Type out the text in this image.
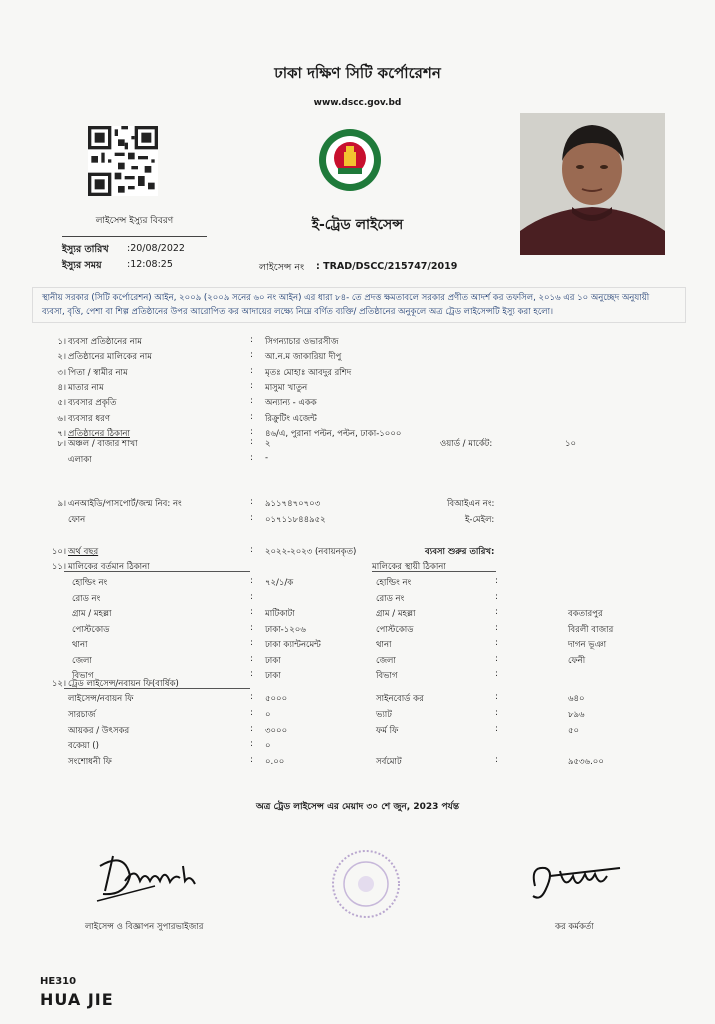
ঢাকা দক্ষিণ সিটি কর্পোরেশন
www.dscc.gov.bd
লাইসেন্স ইস্যুর বিবরণ
ইস্যুর তারিখ :20/08/2022
ইস্যুর সময়	:12:08:25
ই-ট্রেড লাইসেন্স
লাইসেন্স নং : TRAD/DSCC/215747/2019
স্থানীয় সরকার (সিটি কর্পোরেশন) আইন, ২০০৯ (২০০৯ সনের ৬০ নং আইন) এর ধারা ৮৪- তে প্রদত্ত ক্ষমতাবলে সরকার প্রণীত আদর্শ কর তফসিল, ২০১৬ এর ১০ অনুচ্ছেদ অনুযায়ী ব্যবসা, বৃত্তি, পেশা বা শিল্প প্রতিষ্ঠানের উপর আরোপিত কর আদায়ের লক্ষ্যে নিম্নে বর্ণিত ব্যক্তি/ প্রতিষ্ঠানের অনুকূলে অত্র ট্রেড লাইসেন্সটি ইস্যু করা হলো।
১। ব্যবসা প্রতিষ্ঠানের নাম	: সিগন্যাচার ওভারসীজ
২। প্রতিষ্ঠানের মালিকের নাম	: আ.ন.ম জাকারিয়া দীপু
৩। পিতা / স্বামীর নাম	: মৃতঃ মোহাঃ আবদুর রশিদ
৪। মাতার নাম	: মাসুমা খাতুন
৫। ব্যবসার প্রকৃতি	: অন্যান্য - একক
৬। ব্যবসার ধরণ	: রিক্রুটিং এজেন্ট
৭। প্রতিষ্ঠানের ঠিকানা	: ৪৬/এ, পুরানা পল্টন, পল্টন, ঢাকা-১০০০
৮। অঞ্চল / বাজার শাখা	: ২	ওয়ার্ড / মার্কেট:	১০
এলাকা	: -
৯। এনআইডি/পাসপোর্ট/জন্ম নিব: নং	: ৯১১৭৪৭০৭০৩	বিআইএন নং:
ফোন	: ০১৭১১৮৪৪৯৫২	ই-মেইল:
১০। অর্থ বছর	: ২০২২-২০২৩ (নবায়নকৃত)	ব্যবসা শুরুর তারিখ:
১১। মালিকের বর্তমান ঠিকানা	মালিকের স্থায়ী ঠিকানা
হোল্ডিং নং	: ৭২/১/ক	হোল্ডিং নং	:
রোড নং	:	রোড নং	:
গ্রাম / মহল্লা	: মাটিকাটা	গ্রাম / মহল্লা	:	বকতারপুর
পোস্টকোড	: ঢাকা-১২০৬	পোস্টকোড	:	বিরলী বাজার
থানা	: ঢাকা ক্যান্টনমেন্ট	থানা	:	দাগন ভূঞা
জেলা	: ঢাকা	জেলা	:	ফেনী
বিভাগ	: ঢাকা	বিভাগ	:
১২। ট্রেড লাইসেন্স/নবায়ন ফি(বার্ষিক)
লাইসেন্স/নবায়ন ফি	: ৫০০০	সাইনবোর্ড কর	:	৬৪০
সারচার্জ	: ০	ভ্যাট	:	৮৯৬
আয়কর / উৎসকর	: ৩০০০	ফর্ম ফি	:	৫০
বকেয়া ()	: ০
সংশোধনী ফি	: ০.০০	সর্বমোট	:	৯৫৩৬.০০
অত্র ট্রেড লাইসেন্স এর মেয়াদ ৩০ শে জুন, 2023 পর্যন্ত
লাইসেন্স ও বিজ্ঞাপন সুপারভাইজার	কর কর্মকর্তা
HE310
HUA JIE
